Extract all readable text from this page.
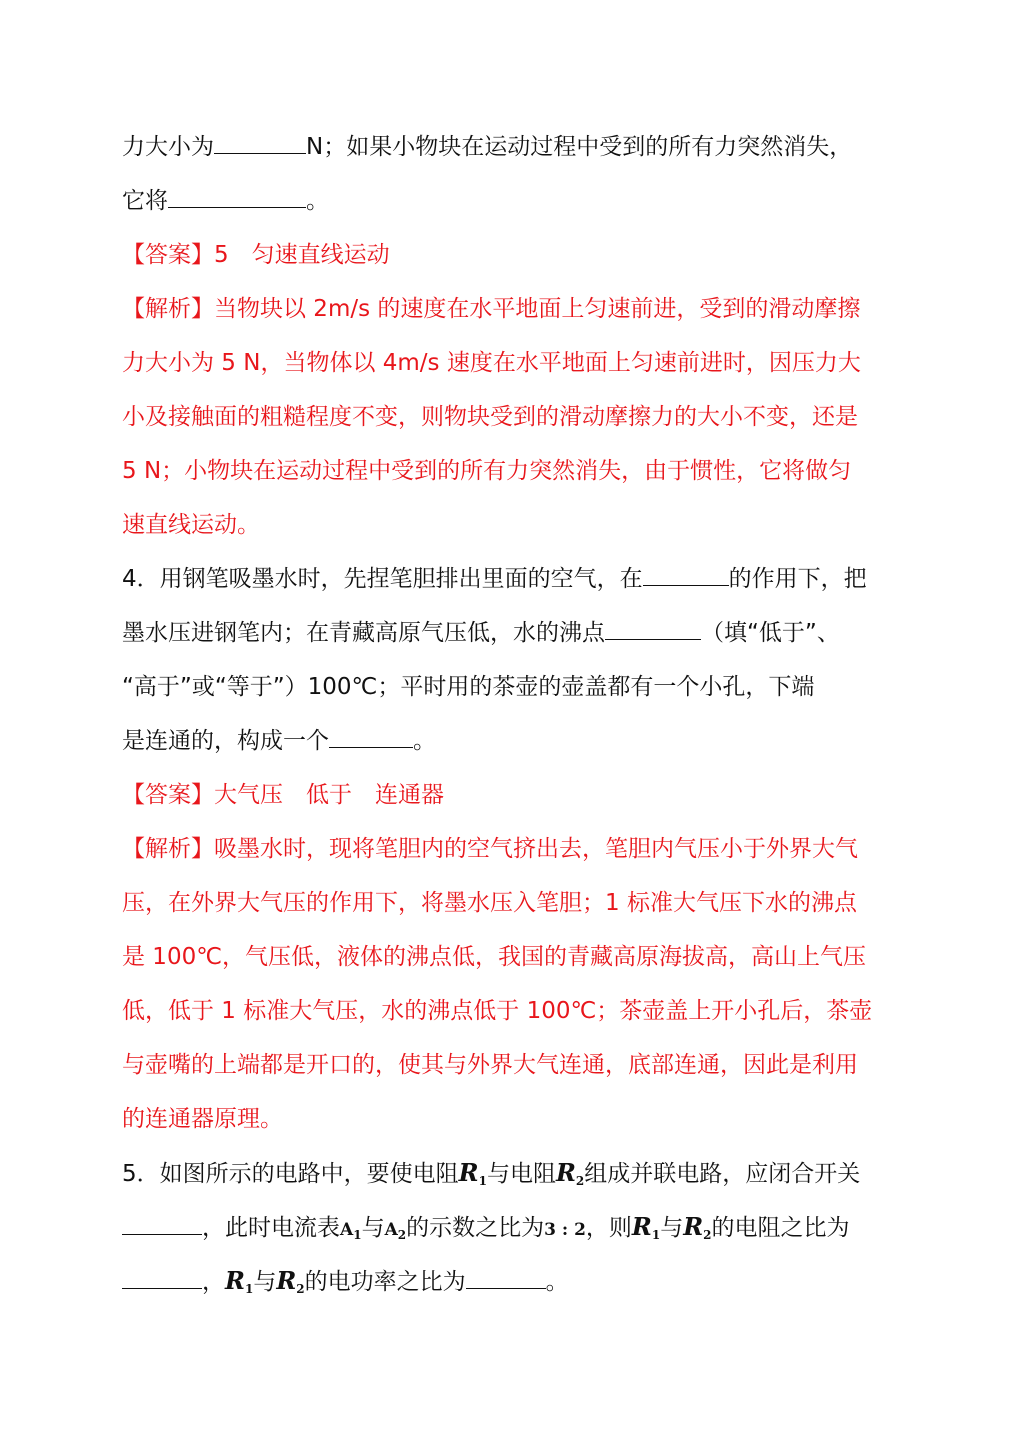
力大小为	N；如果小物块在运动过程中受到的所有力突然消失，
它将	。
【答案】5　匀速直线运动
【解析】当物块以 2m/s 的速度在水平地面上匀速前进，受到的滑动摩擦
力大小为 5 N，当物体以 4m/s 速度在水平地面上匀速前进时，因压力大
小及接触面的粗糙程度不变，则物块受到的滑动摩擦力的大小不变，还是
5 N；小物块在运动过程中受到的所有力突然消失，由于惯性，它将做匀
速直线运动。
4．用钢笔吸墨水时，先捏笔胆排出里面的空气，在	的作用下，把
墨水压进钢笔内；在青藏高原气压低，水的沸点	（填“低于”、
“高于”或“等于”）100℃；平时用的茶壶的壶盖都有一个小孔，下端
是连通的，构成一个	。
【答案】大气压　低于　连通器
【解析】吸墨水时，现将笔胆内的空气挤出去，笔胆内气压小于外界大气
压，在外界大气压的作用下，将墨水压入笔胆；1 标准大气压下水的沸点
是 100℃，气压低，液体的沸点低，我国的青藏高原海拔高，高山上气压
低，低于 1 标准大气压，水的沸点低于 100℃；茶壶盖上开小孔后，茶壶
与壶嘴的上端都是开口的，使其与外界大气连通，底部连通，因此是利用
的连通器原理。
5．如图所示的电路中，要使电阻$R_1$与电阻$R_2$组成并联电路，应闭合开关
，此时电流表$A_1$与$A_2$的示数之比为3 : 2，则$R_1$与$R_2$的电阻之比为
，$R_1$与$R_2$的电功率之比为	。
